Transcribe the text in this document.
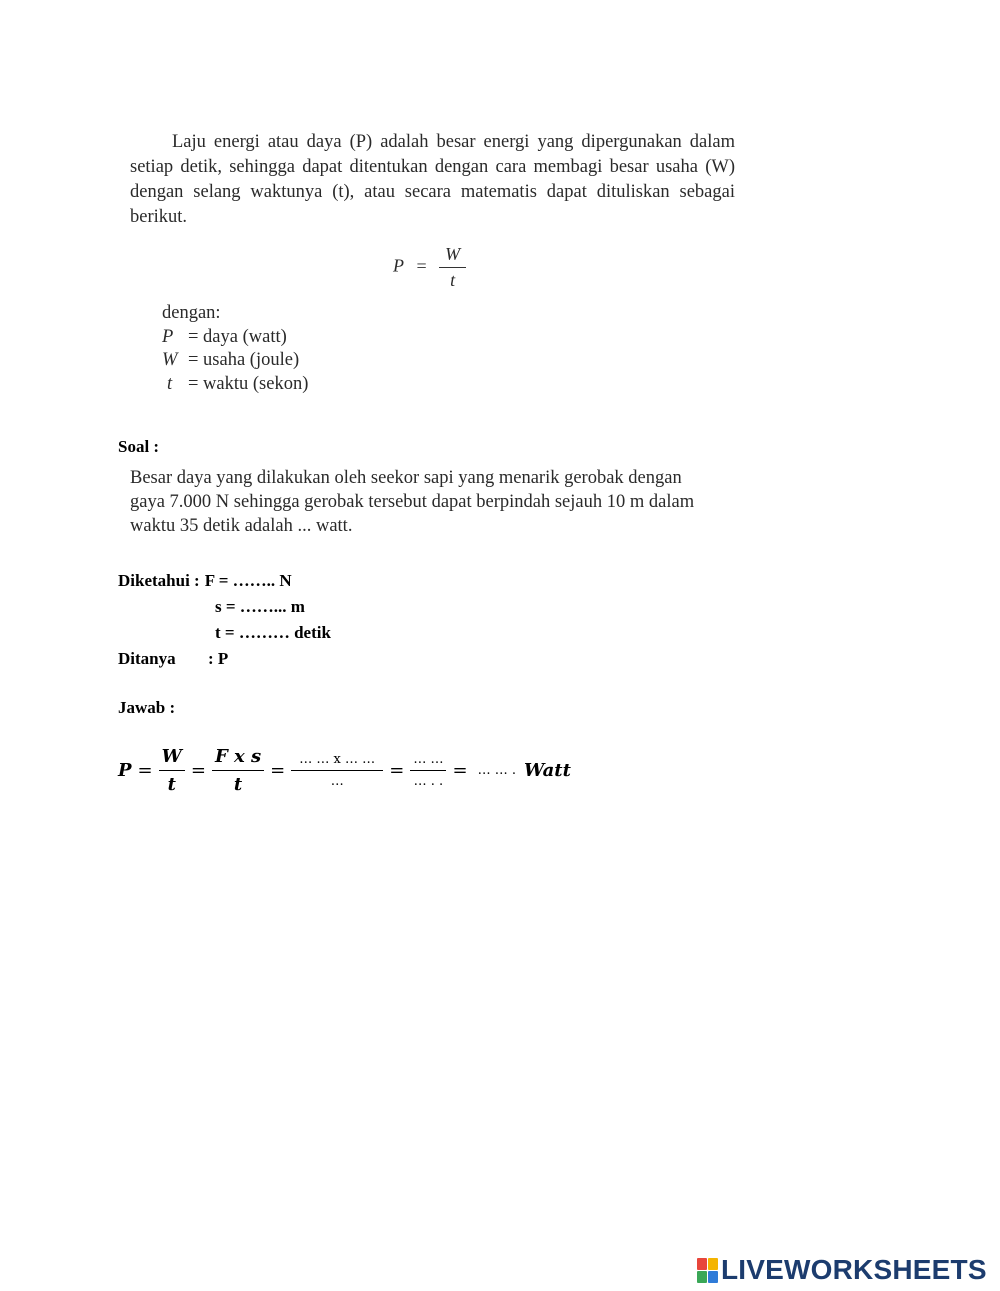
Laju energi atau daya (P) adalah besar energi yang dipergunakan dalam setiap detik, sehingga dapat ditentukan dengan cara membagi besar usaha (W) dengan selang waktunya (t), atau secara matematis dapat dituliskan sebagai berikut.
$P = \frac{W}{t}$
dengan:
P = daya (watt)
W = usaha (joule)
t = waktu (sekon)
Soal :
Besar daya yang dilakukan oleh seekor sapi yang menarik gerobak dengan gaya 7.000 N sehingga gerobak tersebut dapat berpindah sejauh 10 m dalam waktu 35 detik adalah ... watt.
Diketahui : F = …….. N
s = ……... m
t = ……… detik
Ditanya	: P
Jawab :
$P = \frac{W}{t} = \frac{\text{F x s}}{t} = \frac{\dots \dots x \dots \dots}{\dots} = \frac{\dots \dots}{\dots . .}$ = … … . Watt
LIVEWORKSHEETS
